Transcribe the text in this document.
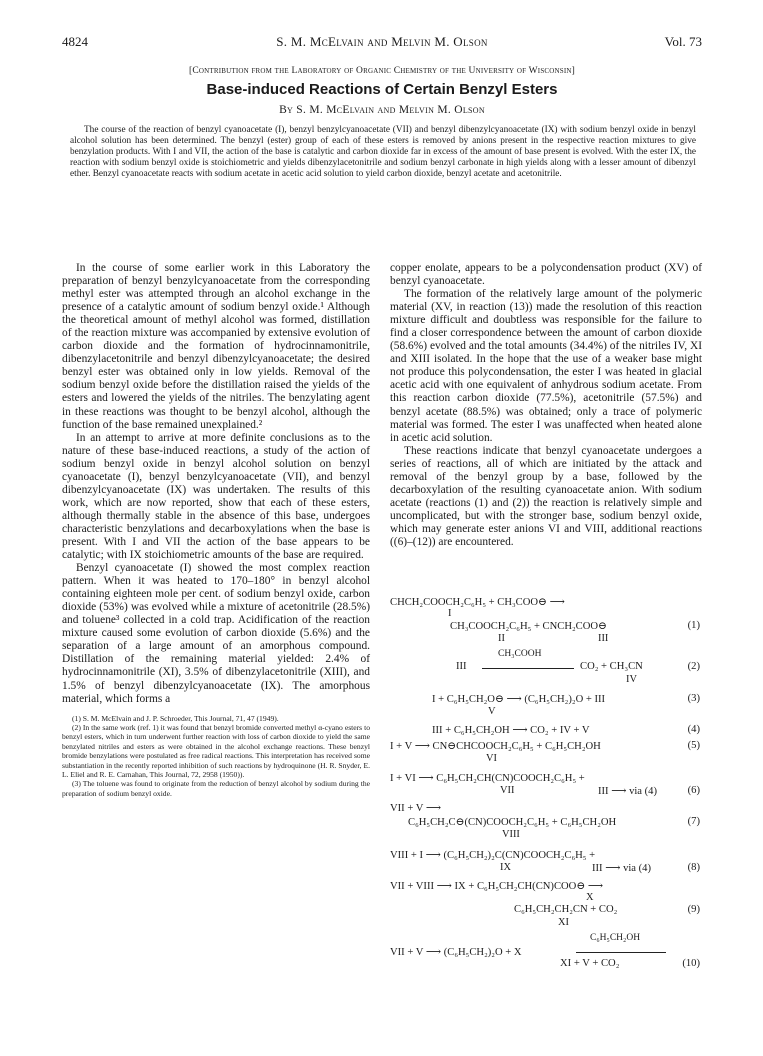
4824	S. M. McElvain and Melvin M. Olson	Vol. 73
[Contribution from the Laboratory of Organic Chemistry of the University of Wisconsin]
Base-induced Reactions of Certain Benzyl Esters
By S. M. McElvain and Melvin M. Olson

The course of the reaction of benzyl cyanoacetate (I), benzyl benzylcyanoacetate (VII) and benzyl dibenzylcyanoacetate (IX) with sodium benzyl oxide in benzyl alcohol solution has been determined. The benzyl (ester) group of each of these esters is removed by anions present in the respective reaction mixtures to give benzylation products. With I and VII, the action of the base is catalytic and carbon dioxide far in excess of the amount of base present is evolved. With the ester IX, the reaction with sodium benzyl oxide is stoichiometric and yields dibenzylacetonitrile and sodium benzyl carbonate in high yields along with a lesser amount of dibenzyl ether. Benzyl cyanoacetate reacts with sodium acetate in acetic acid solution to yield carbon dioxide, benzyl acetate and acetonitrile.

In the course of some earlier work in this Laboratory the preparation of benzyl benzylcyanoacetate from the corresponding methyl ester was attempted through an alcohol exchange in the presence of a catalytic amount of sodium benzyl oxide.¹ Although the theoretical amount of methyl alcohol was formed, distillation of the reaction mixture was accompanied by extensive evolution of carbon dioxide and the formation of hydrocinnamonitrile, dibenzylacetonitrile and benzyl dibenzylcyanoacetate; the desired benzyl ester was obtained only in low yields. Removal of the sodium benzyl oxide before the distillation raised the yields of the esters and lowered the yields of the nitriles. The benzylating agent in these reactions was thought to be benzyl alcohol, although the function of the base remained unexplained.²

In an attempt to arrive at more definite conclusions as to the nature of these base-induced reactions, a study of the action of sodium benzyl oxide in benzyl alcohol solution on benzyl cyanoacetate (I), benzyl benzylcyanoacetate (VII), and benzyl dibenzylcyanoacetate (IX) was undertaken. The results of this work, which are now reported, show that each of these esters, although thermally stable in the absence of this base, undergoes characteristic benzylations and decarboxylations when the base is present. With I and VII the action of the base appears to be catalytic; with IX stoichiometric amounts of the base are required.

Benzyl cyanoacetate (I) showed the most complex reaction pattern. When it was heated to 170–180° in benzyl alcohol containing eighteen mole per cent. of sodium benzyl oxide, carbon dioxide (53%) was evolved while a mixture of acetonitrile (28.5%) and toluene³ collected in a cold trap. Acidification of the reaction mixture caused some evolution of carbon dioxide (5.6%) and the separation of a large amount of an amorphous compound. Distillation of the remaining material yielded: 2.4% of hydrocinnamonitrile (XI), 3.5% of dibenzylacetonitrile (XIII), and 1.5% of benzyl dibenzylcyanoacetate (IX). The amorphous material, which forms a

(1) S. M. McElvain and J. P. Schroeder, This Journal, 71, 47 (1949).

(2) In the same work (ref. 1) it was found that benzyl bromide converted methyl α-cyano esters to benzyl esters, which in turn underwent further reaction with loss of carbon dioxide to yield the same benzylated nitriles and esters as were obtained in the alcohol exchange reactions. These benzyl bromide benzylations were postulated as free radical reactions. This interpretation has received some substantiation in the recently reported inhibition of such reactions by hydroquinone (H. R. Snyder, E. L. Eliel and R. E. Carnahan, This Journal, 72, 2958 (1950)).

(3) The toluene was found to originate from the reduction of benzyl alcohol by sodium during the preparation of sodium benzyl oxide.

copper enolate, appears to be a polycondensation product (XV) of benzyl cyanoacetate.

The formation of the relatively large amount of the polymeric material (XV, in reaction (13)) made the resolution of this reaction mixture difficult and doubtless was responsible for the failure to find a closer correspondence between the amount of carbon dioxide (58.6%) evolved and the total amounts (34.4%) of the nitriles IV, XI and XIII isolated. In the hope that the use of a weaker base might not produce this polycondensation, the ester I was heated in glacial acetic acid with one equivalent of anhydrous sodium acetate. From this reaction carbon dioxide (77.5%), acetonitrile (57.5%) and benzyl acetate (88.5%) was obtained; only a trace of polymeric material was formed. The ester I was unaffected when heated alone in acetic acid solution.

These reactions indicate that benzyl cyanoacetate undergoes a series of reactions, all of which are initiated by the attack and removal of the benzyl group by a base, followed by the decarboxylation of the resulting cyanoacetate anion. With sodium acetate (reactions (1) and (2)) the reaction is relatively simple and uncomplicated, but with the stronger base, sodium benzyl oxide, which may generate ester anions VI and VIII, additional reactions ((6)–(12)) are encountered.

CHCH₂COOCH₂C₆H₅ + CH₃COO⊖ ⟶
I
CH₃COOCH₂C₆H₅ + CNCH₂COO⊖	(1)
II	III
CH₃COOH
III	CO₂ + CH₃CN	(2)
IV
I + C₆H₅CH₂O⊖ ⟶ (C₆H₅CH₂)₂O + III	(3)
V
III + C₆H₅CH₂OH ⟶ CO₂ + IV + V	(4)
I + V ⟶ CN⊖CHCOOCH₂C₆H₅ + C₆H₅CH₂OH	(5)
VI
I + VI ⟶ C₆H₅CH₂CH(CN)COOCH₂C₆H₅ +
VII	III ⟶ via (4)	(6)
VII + V ⟶
C₆H₅CH₂C⊖(CN)COOCH₂C₆H₅ + C₆H₅CH₂OH	(7)
VIII
VIII + I ⟶ (C₆H₅CH₂)₂C(CN)COOCH₂C₆H₅ +
IX	III ⟶ via (4)	(8)
VII + VIII ⟶ IX + C₆H₅CH₂CH(CN)COO⊖ ⟶
X
C₆H₅CH₂CH₂CN + CO₂	(9)
XI
C₆H₅CH₂OH
VII + V ⟶ (C₆H₅CH₂)₂O + X
XI + V + CO₂	(10)
